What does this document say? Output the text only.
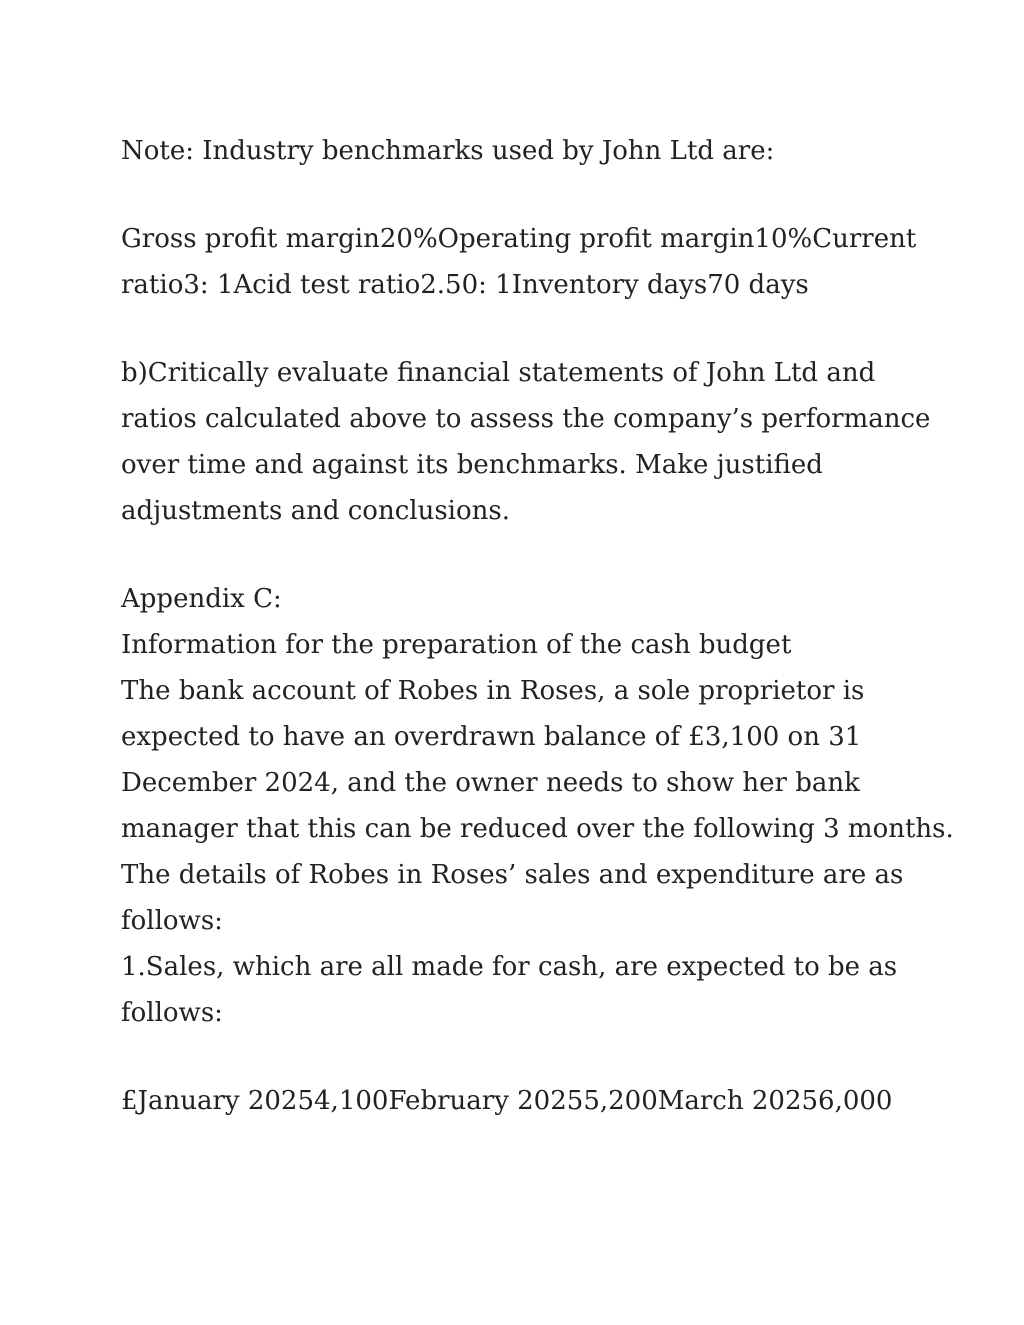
Note: Industry benchmarks used by John Ltd are:

Gross profit margin20%Operating profit margin10%Current
ratio3: 1Acid test ratio2.50: 1Inventory days70 days

b)Critically evaluate financial statements of John Ltd and
ratios calculated above to assess the company’s performance
over time and against its benchmarks. Make justified
adjustments and conclusions.

Appendix C:
Information for the preparation of the cash budget
The bank account of Robes in Roses, a sole proprietor is
expected to have an overdrawn balance of £3,100 on 31
December 2024, and the owner needs to show her bank
manager that this can be reduced over the following 3 months.
The details of Robes in Roses’ sales and expenditure are as
follows:
1.Sales, which are all made for cash, are expected to be as
follows:

£January 20254,100February 20255,200March 20256,000
